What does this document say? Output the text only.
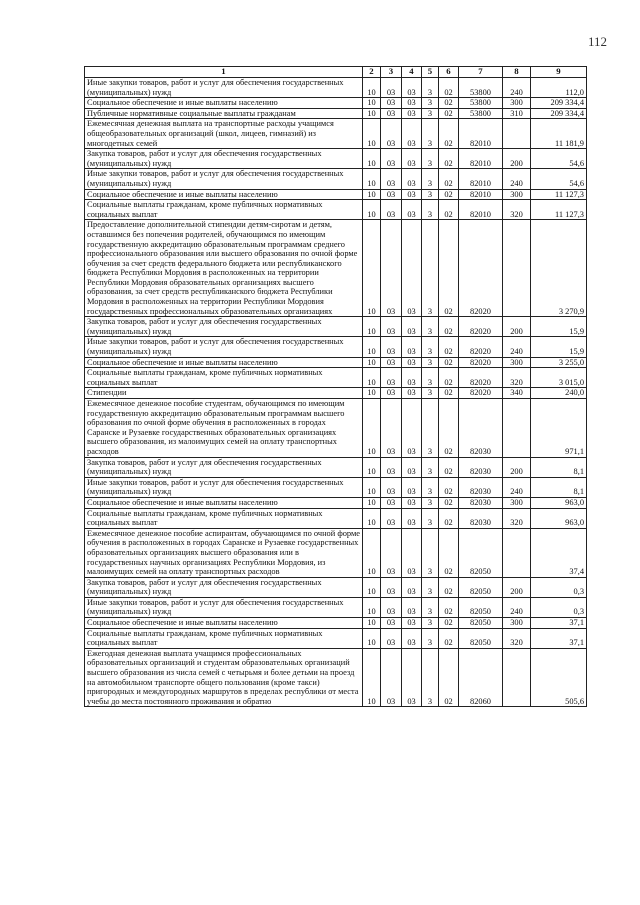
112
1	2	3	4	5	6	7	8	9
Иные закупки товаров, работ и услуг для обеспечения государственных (муниципальных) нужд	10	03	03	3	02	53800	240	112,0
Социальное обеспечение и иные выплаты населению	10	03	03	3	02	53800	300	209 334,4
Публичные нормативные социальные выплаты гражданам	10	03	03	3	02	53800	310	209 334,4
Ежемесячная денежная выплата на транспортные расходы учащимся общеобразовательных организаций (школ, лицеев, гимназий) из многодетных семей	10	03	03	3	02	82010		11 181,9
Закупка товаров, работ и услуг для обеспечения государственных (муниципальных) нужд	10	03	03	3	02	82010	200	54,6
Иные закупки товаров, работ и услуг для обеспечения государственных (муниципальных) нужд	10	03	03	3	02	82010	240	54,6
Социальное обеспечение и иные выплаты населению	10	03	03	3	02	82010	300	11 127,3
Социальные выплаты гражданам, кроме публичных нормативных социальных выплат	10	03	03	3	02	82010	320	11 127,3
Предоставление дополнительной стипендии детям-сиротам и детям, оставшимся без попечения родителей, обучающимся по имеющим государственную аккредитацию образовательным программам среднего профессионального образования или высшего образования по очной форме обучения за счет средств федерального бюджета или республиканского бюджета Республики Мордовия в расположенных на территории Республики Мордовия образовательных организациях высшего образования, за счет средств республиканского бюджета Республики Мордовия в расположенных на территории Республики Мордовия государственных профессиональных образовательных организациях	10	03	03	3	02	82020		3 270,9
Закупка товаров, работ и услуг для обеспечения государственных (муниципальных) нужд	10	03	03	3	02	82020	200	15,9
Иные закупки товаров, работ и услуг для обеспечения государственных (муниципальных) нужд	10	03	03	3	02	82020	240	15,9
Социальное обеспечение и иные выплаты населению	10	03	03	3	02	82020	300	3 255,0
Социальные выплаты гражданам, кроме публичных нормативных социальных выплат	10	03	03	3	02	82020	320	3 015,0
Стипендии	10	03	03	3	02	82020	340	240,0
Ежемесячное денежное пособие студентам, обучающимся по имеющим государственную аккредитацию образовательным программам высшего образования по очной форме обучения в расположенных в городах Саранске и Рузаевке государственных образовательных организациях высшего образования, из малоимущих семей на оплату транспортных расходов	10	03	03	3	02	82030		971,1
Закупка товаров, работ и услуг для обеспечения государственных (муниципальных) нужд	10	03	03	3	02	82030	200	8,1
Иные закупки товаров, работ и услуг для обеспечения государственных (муниципальных) нужд	10	03	03	3	02	82030	240	8,1
Социальное обеспечение и иные выплаты населению	10	03	03	3	02	82030	300	963,0
Социальные выплаты гражданам, кроме публичных нормативных социальных выплат	10	03	03	3	02	82030	320	963,0
Ежемесячное денежное пособие аспирантам, обучающимся по очной форме обучения в расположенных в городах Саранске и Рузаевке государственных образовательных организациях высшего образования или в государственных научных организациях Республики Мордовия, из малоимущих семей на оплату транспортных расходов	10	03	03	3	02	82050		37,4
Закупка товаров, работ и услуг для обеспечения государственных (муниципальных) нужд	10	03	03	3	02	82050	200	0,3
Иные закупки товаров, работ и услуг для обеспечения государственных (муниципальных) нужд	10	03	03	3	02	82050	240	0,3
Социальное обеспечение и иные выплаты населению	10	03	03	3	02	82050	300	37,1
Социальные выплаты гражданам, кроме публичных нормативных социальных выплат	10	03	03	3	02	82050	320	37,1
Ежегодная денежная выплата учащимся профессиональных образовательных организаций и студентам образовательных организаций высшего образования из числа семей с четырьмя и более детьми на проезд на автомобильном транспорте общего пользования (кроме такси) пригородных и междугородных маршрутов в пределах республики от места учебы до места постоянного проживания и обратно	10	03	03	3	02	82060		505,6
